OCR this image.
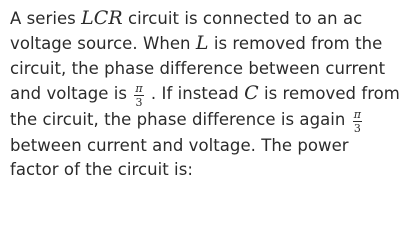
A series LCR circuit is connected to an ac voltage source. When L is removed from the circuit, the phase difference between current and voltage is $\frac{\pi}{3}$ . If instead C is removed from the circuit, the phase difference is again $\frac{\pi}{3}$
between current and voltage. The power factor of the circuit is:
